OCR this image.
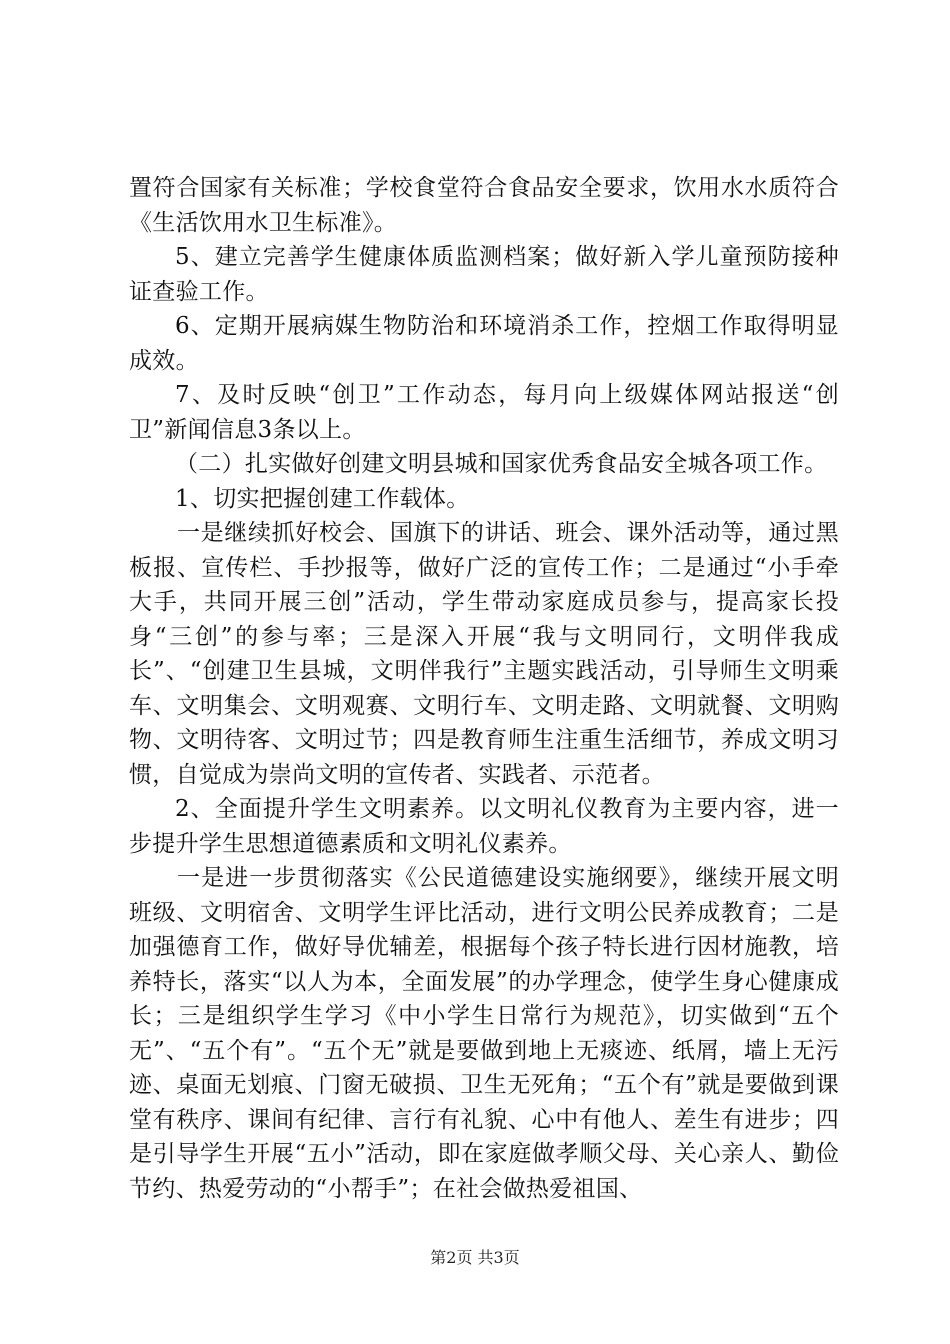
置符合国家有关标准；学校食堂符合食品安全要求，饮用水水质符合《生活饮用水卫生标准》。

5、建立完善学生健康体质监测档案；做好新入学儿童预防接种证查验工作。

6、定期开展病媒生物防治和环境消杀工作，控烟工作取得明显成效。

7、及时反映“创卫”工作动态，每月向上级媒体网站报送“创卫”新闻信息3条以上。

（二）扎实做好创建文明县城和国家优秀食品安全城各项工作。

1、切实把握创建工作载体。

一是继续抓好校会、国旗下的讲话、班会、课外活动等，通过黑板报、宣传栏、手抄报等，做好广泛的宣传工作；二是通过“小手牵大手，共同开展三创”活动，学生带动家庭成员参与，提高家长投身“三创”的参与率；三是深入开展“我与文明同行，文明伴我成长”、“创建卫生县城，文明伴我行”主题实践活动，引导师生文明乘车、文明集会、文明观赛、文明行车、文明走路、文明就餐、文明购物、文明待客、文明过节；四是教育师生注重生活细节，养成文明习惯，自觉成为崇尚文明的宣传者、实践者、示范者。

2、全面提升学生文明素养。以文明礼仪教育为主要内容，进一步提升学生思想道德素质和文明礼仪素养。

一是进一步贯彻落实《公民道德建设实施纲要》，继续开展文明班级、文明宿舍、文明学生评比活动，进行文明公民养成教育；二是加强德育工作，做好导优辅差，根据每个孩子特长进行因材施教，培养特长，落实“以人为本，全面发展”的办学理念，使学生身心健康成长；三是组织学生学习《中小学生日常行为规范》，切实做到“五个无”、“五个有”。“五个无”就是要做到地上无痰迹、纸屑，墙上无污迹、桌面无划痕、门窗无破损、卫生无死角；“五个有”就是要做到课堂有秩序、课间有纪律、言行有礼貌、心中有他人、差生有进步；四是引导学生开展“五小”活动，即在家庭做孝顺父母、关心亲人、勤俭节约、热爱劳动的“小帮手”；在社会做热爱祖国、

第2页 共3页
